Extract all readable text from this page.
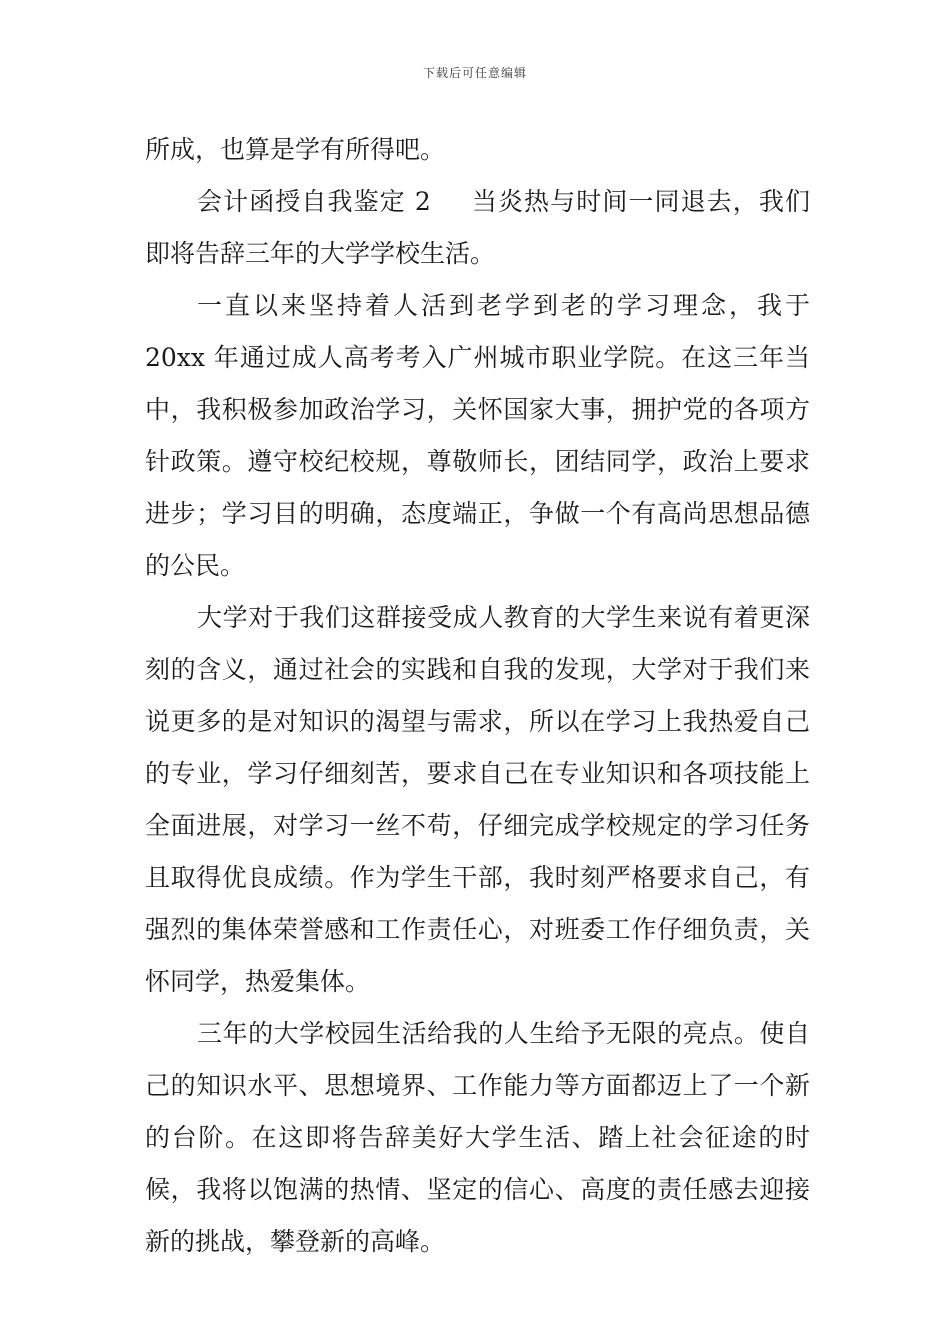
下载后可任意编辑

所成，也算是学有所得吧。

会计函授自我鉴定 2 当炎热与时间一同退去，我们即将告辞三年的大学学校生活。

一直以来坚持着人活到老学到老的学习理念，我于 20xx 年通过成人高考考入广州城市职业学院。在这三年当中，我积极参加政治学习，关怀国家大事，拥护党的各项方针政策。遵守校纪校规，尊敬师长，团结同学，政治上要求进步；学习目的明确，态度端正，争做一个有高尚思想品德的公民。

大学对于我们这群接受成人教育的大学生来说有着更深刻的含义，通过社会的实践和自我的发现，大学对于我们来说更多的是对知识的渴望与需求，所以在学习上我热爱自己的专业，学习仔细刻苦，要求自己在专业知识和各项技能上全面进展，对学习一丝不苟，仔细完成学校规定的学习任务且取得优良成绩。作为学生干部，我时刻严格要求自己，有强烈的集体荣誉感和工作责任心，对班委工作仔细负责，关怀同学，热爱集体。

三年的大学校园生活给我的人生给予无限的亮点。使自己的知识水平、思想境界、工作能力等方面都迈上了一个新的台阶。在这即将告辞美好大学生活、踏上社会征途的时候，我将以饱满的热情、坚定的信心、高度的责任感去迎接新的挑战，攀登新的高峰。
